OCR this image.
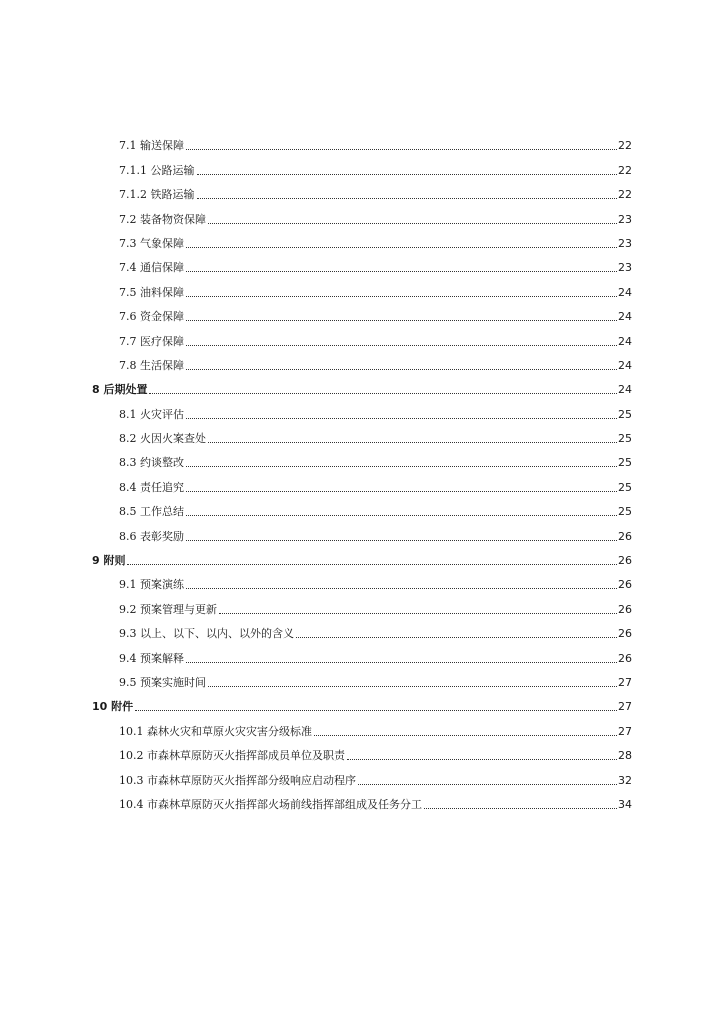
7.1 输送保障	22
7.1.1 公路运输	22
7.1.2 铁路运输	22
7.2 装备物资保障	23
7.3 气象保障	23
7.4 通信保障	23
7.5 油料保障	24
7.6 资金保障	24
7.7 医疗保障	24
7.8 生活保障	24
8 后期处置	24
8.1 火灾评估	25
8.2 火因火案查处	25
8.3 约谈整改	25
8.4 责任追究	25
8.5 工作总结	25
8.6 表彰奖励	26
9 附则	26
9.1 预案演练	26
9.2 预案管理与更新	26
9.3 以上、以下、以内、以外的含义	26
9.4 预案解释	26
9.5 预案实施时间	27
10 附件	27
10.1 森林火灾和草原火灾灾害分级标准	27
10.2 市森林草原防灭火指挥部成员单位及职责	28
10.3 市森林草原防灭火指挥部分级响应启动程序	32
10.4 市森林草原防灭火指挥部火场前线指挥部组成及任务分工	34
